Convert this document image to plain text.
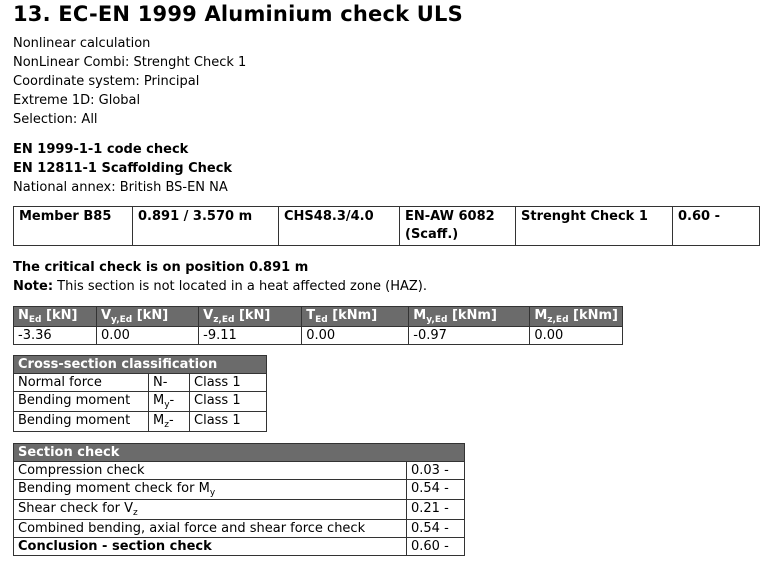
13. EC-EN 1999 Aluminium check ULS
Nonlinear calculation
NonLinear Combi: Strenght Check 1
Coordinate system: Principal
Extreme 1D: Global
Selection: All
EN 1999-1-1 code check
EN 12811-1 Scaffolding Check
National annex: British BS-EN NA
Member B85	0.891 / 3.570 m	CHS48.3/4.0	EN-AW 6082 (Scaff.)	Strenght Check 1	0.60 -
The critical check is on position 0.891 m
Note: This section is not located in a heat affected zone (HAZ).
$N_{Ed}$ [kN]	$V_{y,Ed}$ [kN]	$V_{z,Ed}$ [kN]	$T_{Ed}$ [kNm]	$M_{y,Ed}$ [kNm]	$M_{z,Ed}$ [kNm]
-3.36	0.00	-9.11	0.00	-0.97	0.00
Cross-section classification		
Normal force	N-	Class 1
Bending moment	$M_y-$	Class 1
Bending moment	$M_z-$	Class 1
Section check	
Compression check	0.03 -
Bending moment check for $M_y$	0.54 -
Shear check for $V_z$	0.21 -
Combined bending, axial force and shear force check	0.54 -
Conclusion - section check	0.60 -
